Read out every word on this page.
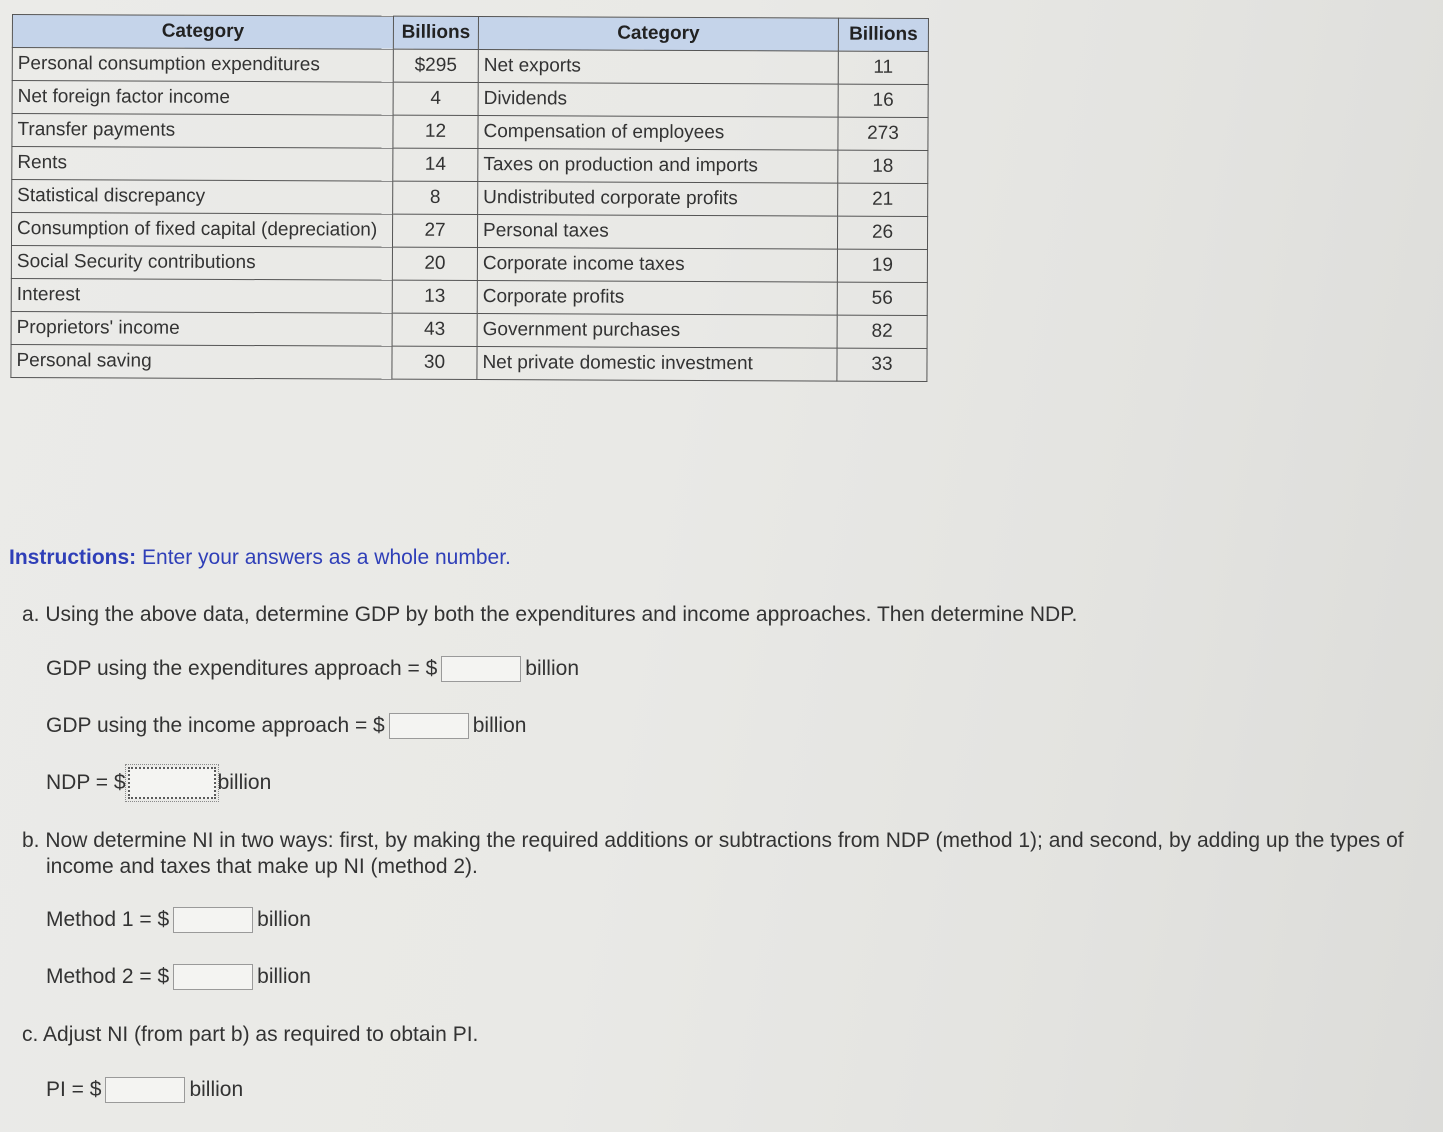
Category	Billions	Category	Billions
Personal consumption expenditures	$295	Net exports	11
Net foreign factor income	4	Dividends	16
Transfer payments	12	Compensation of employees	273
Rents	14	Taxes on production and imports	18
Statistical discrepancy	8	Undistributed corporate profits	21
Consumption of fixed capital (depreciation)	27	Personal taxes	26
Social Security contributions	20	Corporate income taxes	19
Interest	13	Corporate profits	56
Proprietors' income	43	Government purchases	82
Personal saving	30	Net private domestic investment	33
Instructions: Enter your answers as a whole number.
a. Using the above data, determine GDP by both the expenditures and income approaches. Then determine NDP.
GDP using the expenditures approach = $	billion
GDP using the income approach = $	billion
NDP = $	billion
b. Now determine NI in two ways: first, by making the required additions or subtractions from NDP (method 1); and second, by adding up the types of income and taxes that make up NI (method 2).
Method 1 = $	billion
Method 2 = $	billion
c. Adjust NI (from part b) as required to obtain PI.
PI = $	billion
